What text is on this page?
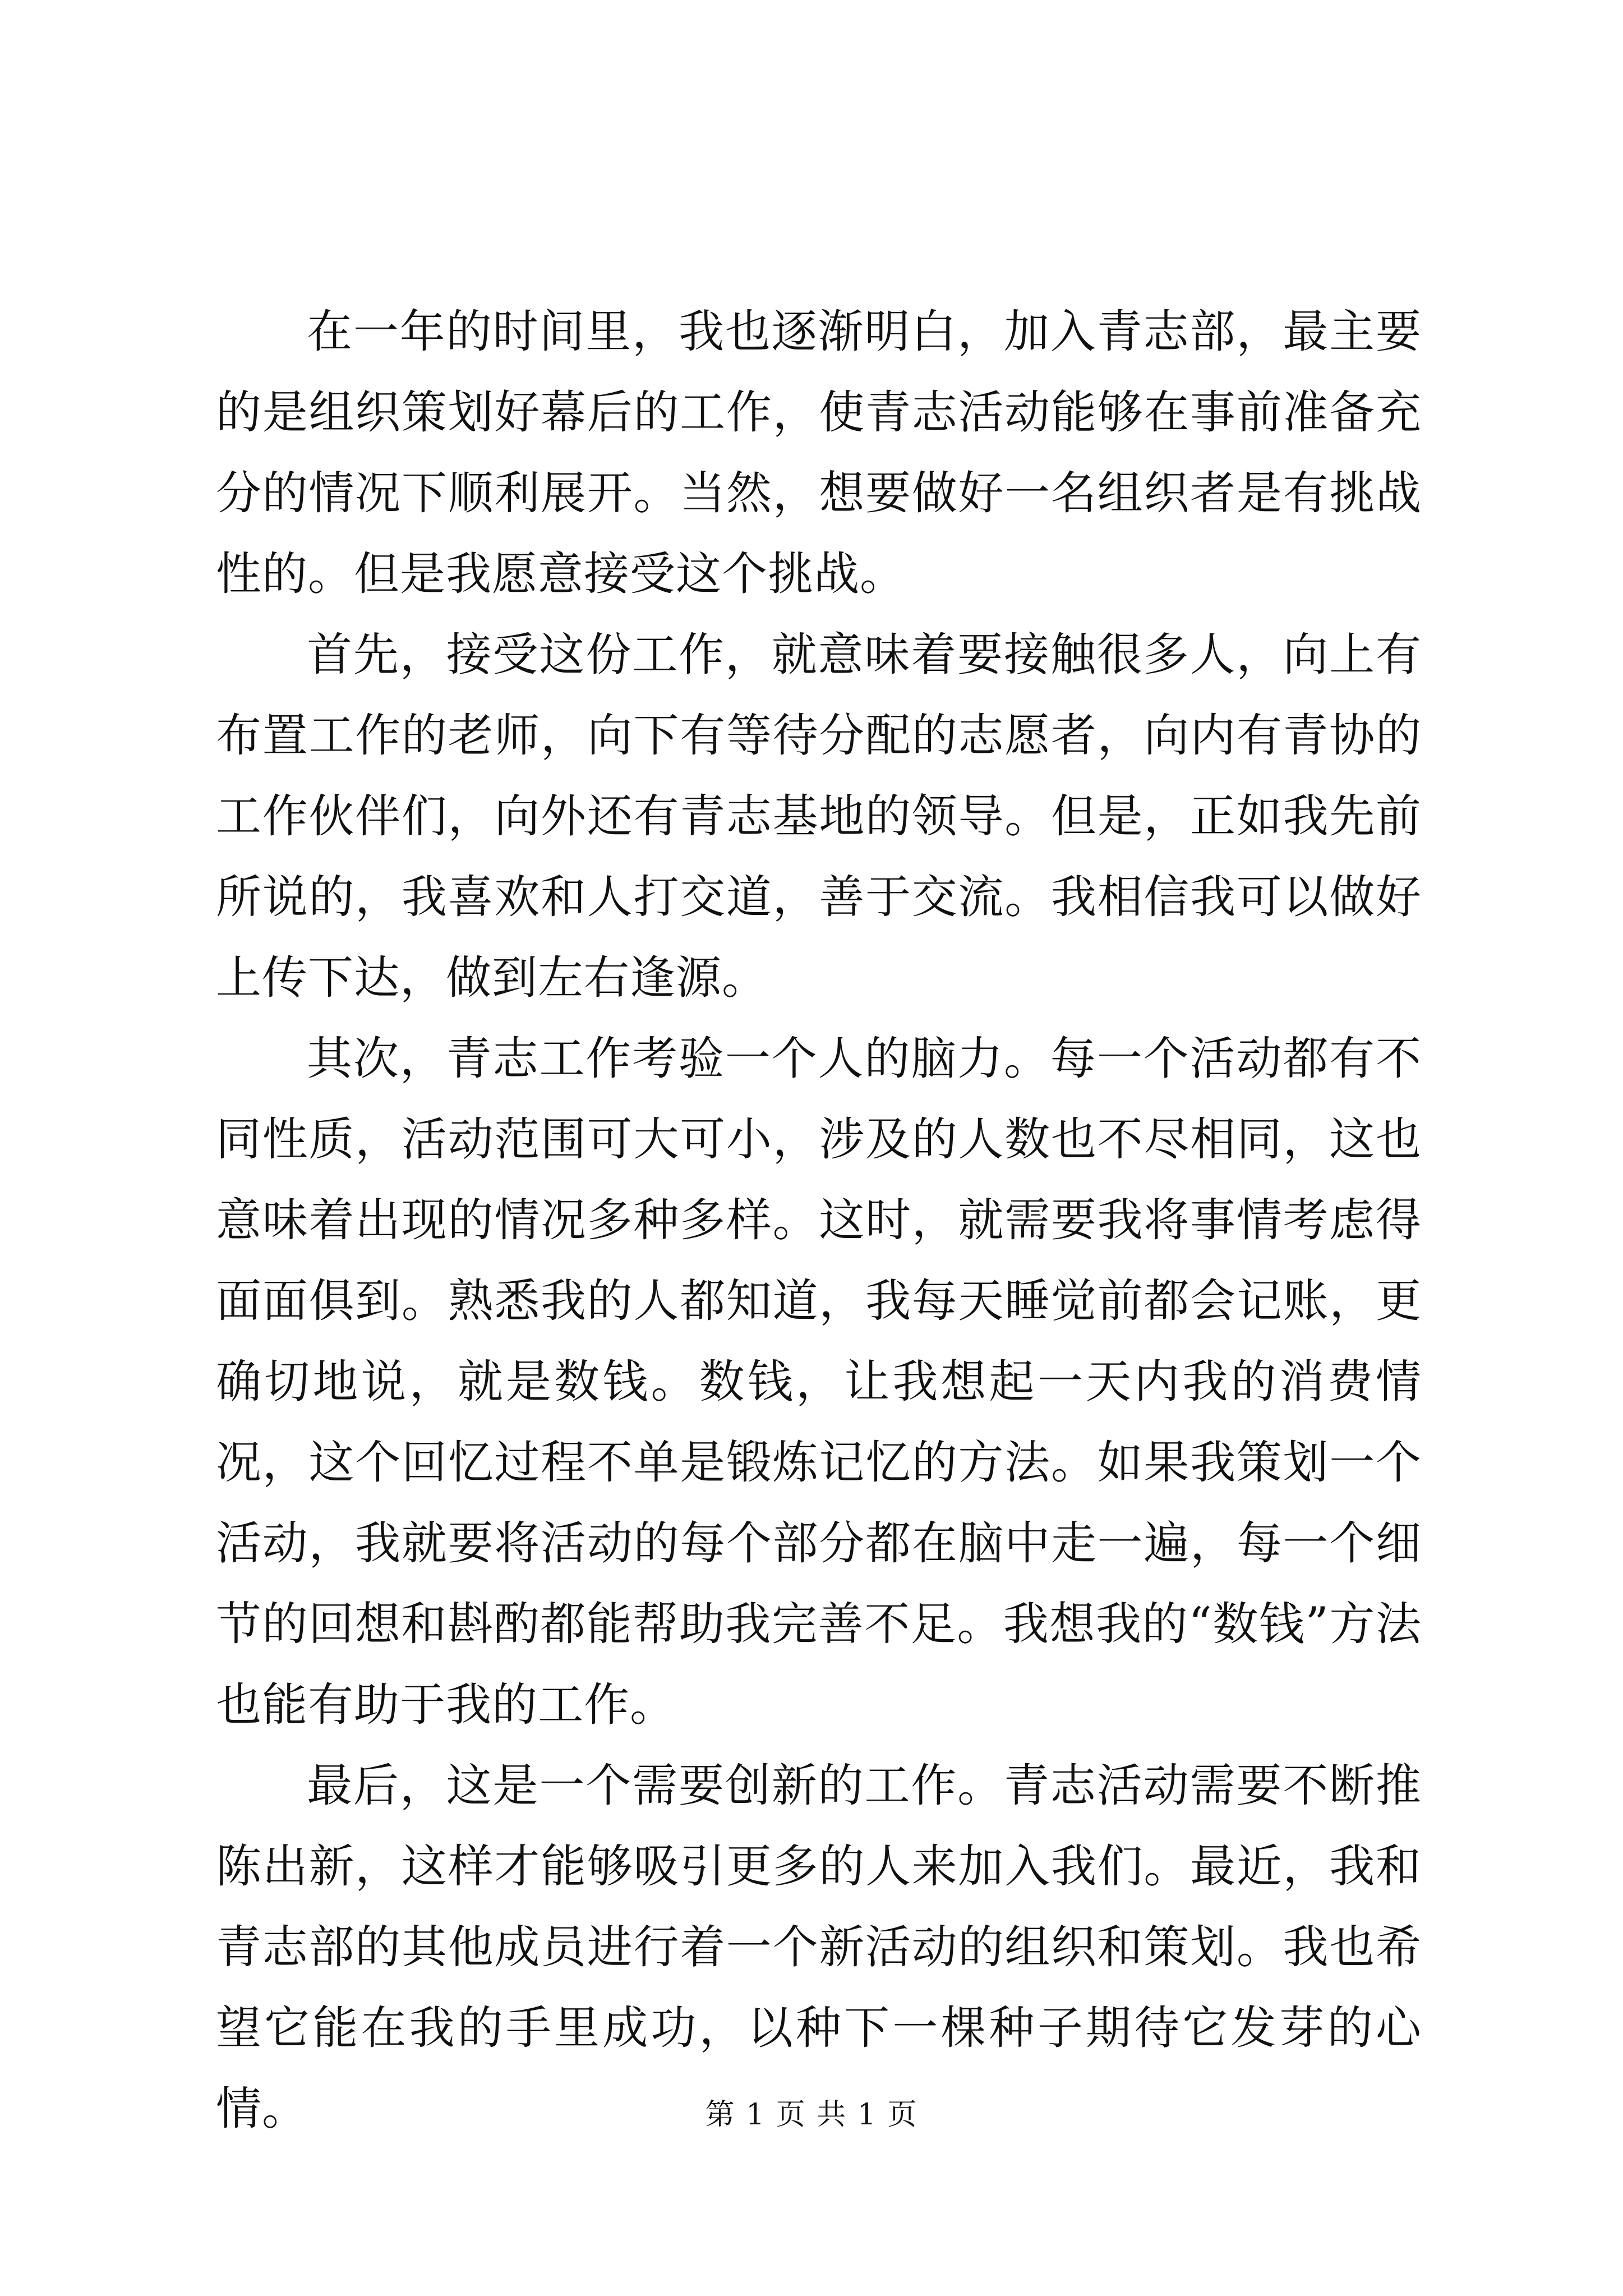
在一年的时间里，我也逐渐明白，加入青志部，最主要的是组织策划好幕后的工作，使青志活动能够在事前准备充分的情况下顺利展开。当然，想要做好一名组织者是有挑战性的。但是我愿意接受这个挑战。

首先，接受这份工作，就意味着要接触很多人，向上有布置工作的老师，向下有等待分配的志愿者，向内有青协的工作伙伴们，向外还有青志基地的领导。但是，正如我先前所说的，我喜欢和人打交道，善于交流。我相信我可以做好上传下达，做到左右逢源。

其次，青志工作考验一个人的脑力。每一个活动都有不同性质，活动范围可大可小，涉及的人数也不尽相同，这也意味着出现的情况多种多样。这时，就需要我将事情考虑得面面俱到。熟悉我的人都知道，我每天睡觉前都会记账，更确切地说，就是数钱。数钱，让我想起一天内我的消费情况，这个回忆过程不单是锻炼记忆的方法。如果我策划一个活动，我就要将活动的每个部分都在脑中走一遍，每一个细节的回想和斟酌都能帮助我完善不足。我想我的“数钱”方法也能有助于我的工作。

最后，这是一个需要创新的工作。青志活动需要不断推陈出新，这样才能够吸引更多的人来加入我们。最近，我和青志部的其他成员进行着一个新活动的组织和策划。我也希望它能在我的手里成功，以种下一棵种子期待它发芽的心情。	第 1 页 共 1 页
